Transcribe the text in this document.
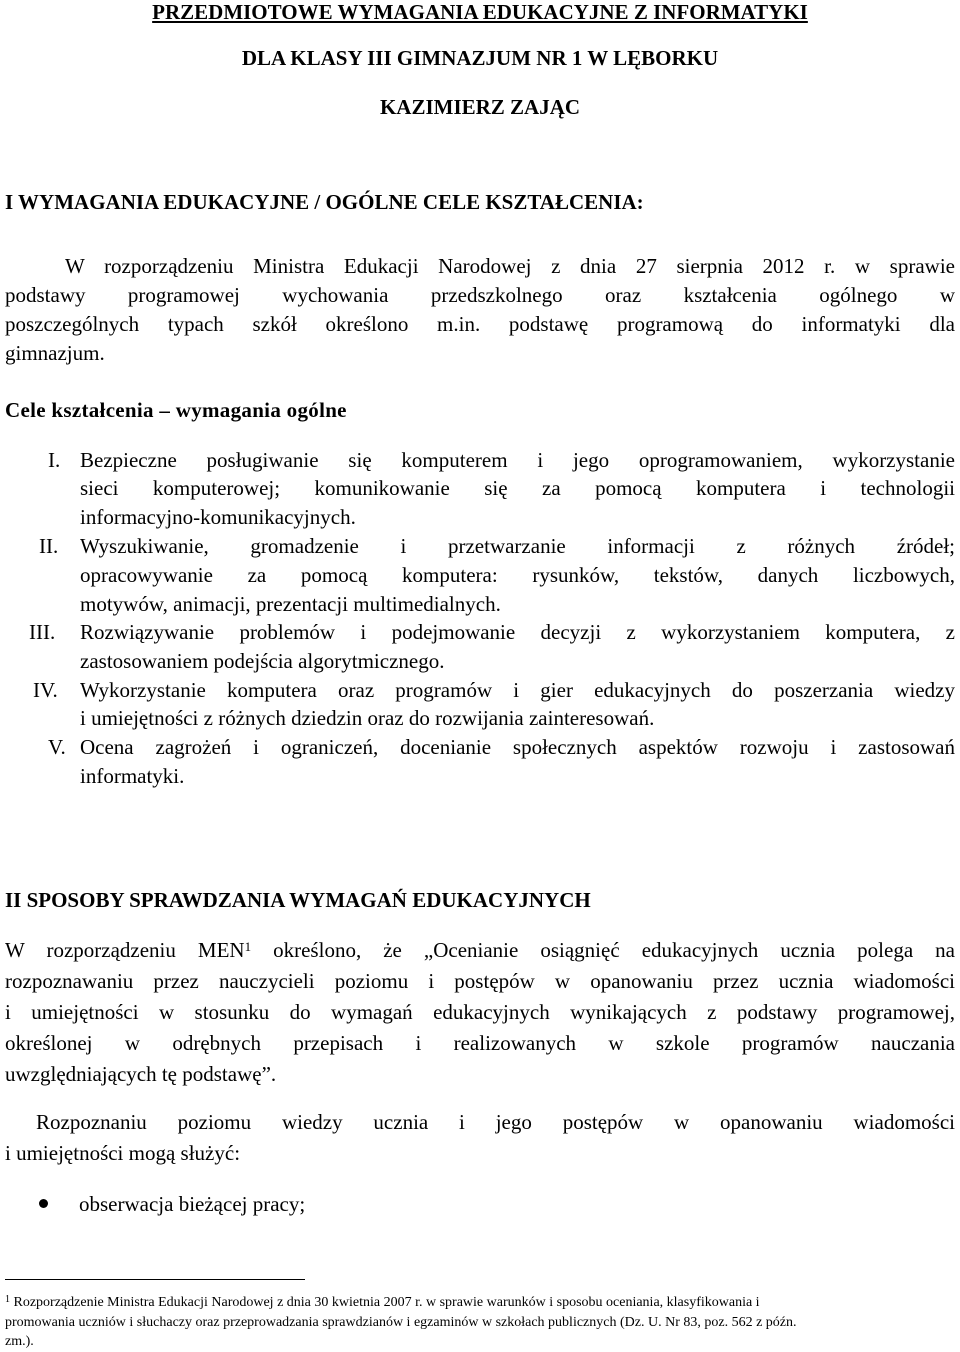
PRZEDMIOTOWE WYMAGANIA EDUKACYJNE Z INFORMATYKI
DLA KLASY III GIMNAZJUM NR 1 W LĘBORKU
KAZIMIERZ ZAJĄC
I WYMAGANIA EDUKACYJNE / OGÓLNE CELE KSZTAŁCENIA:
W rozporządzeniu Ministra Edukacji Narodowej z dnia 27 sierpnia 2012 r. w sprawie
podstawy programowej wychowania przedszkolnego oraz kształcenia ogólnego w
poszczególnych typach szkół określono m.in. podstawę programową do informatyki dla
gimnazjum.
Cele kształcenia – wymagania ogólne
I. Bezpieczne posługiwanie się komputerem i jego oprogramowaniem, wykorzystanie
sieci komputerowej; komunikowanie się za pomocą komputera i technologii
informacyjno-komunikacyjnych.
II. Wyszukiwanie, gromadzenie i przetwarzanie informacji z różnych źródeł;
opracowywanie za pomocą komputera: rysunków, tekstów, danych liczbowych,
motywów, animacji, prezentacji multimedialnych.
III. Rozwiązywanie problemów i podejmowanie decyzji z wykorzystaniem komputera, z
zastosowaniem podejścia algorytmicznego.
IV. Wykorzystanie komputera oraz programów i gier edukacyjnych do poszerzania wiedzy
i umiejętności z różnych dziedzin oraz do rozwijania zainteresowań.
V. Ocena zagrożeń i ograniczeń, docenianie społecznych aspektów rozwoju i zastosowań
informatyki.
II SPOSOBY SPRAWDZANIA WYMAGAŃ EDUKACYJNYCH
W rozporządzeniu MEN$^1$ określono, że „Ocenianie osiągnięć edukacyjnych ucznia polega na
rozpoznawaniu przez nauczycieli poziomu i postępów w opanowaniu przez ucznia wiadomości
i umiejętności w stosunku do wymagań edukacyjnych wynikających z podstawy programowej,
określonej w odrębnych przepisach i realizowanych w szkole programów nauczania
uwzględniających tę podstawę”.
Rozpoznaniu poziomu wiedzy ucznia i jego postępów w opanowaniu wiadomości
i umiejętności mogą służyć:
obserwacja bieżącej pracy;
$^1$ Rozporządzenie Ministra Edukacji Narodowej z dnia 30 kwietnia 2007 r. w sprawie warunków i sposobu oceniania, klasyfikowania i
promowania uczniów i słuchaczy oraz przeprowadzania sprawdzianów i egzaminów w szkołach publicznych (Dz. U. Nr 83, poz. 562 z późn.
zm.).
